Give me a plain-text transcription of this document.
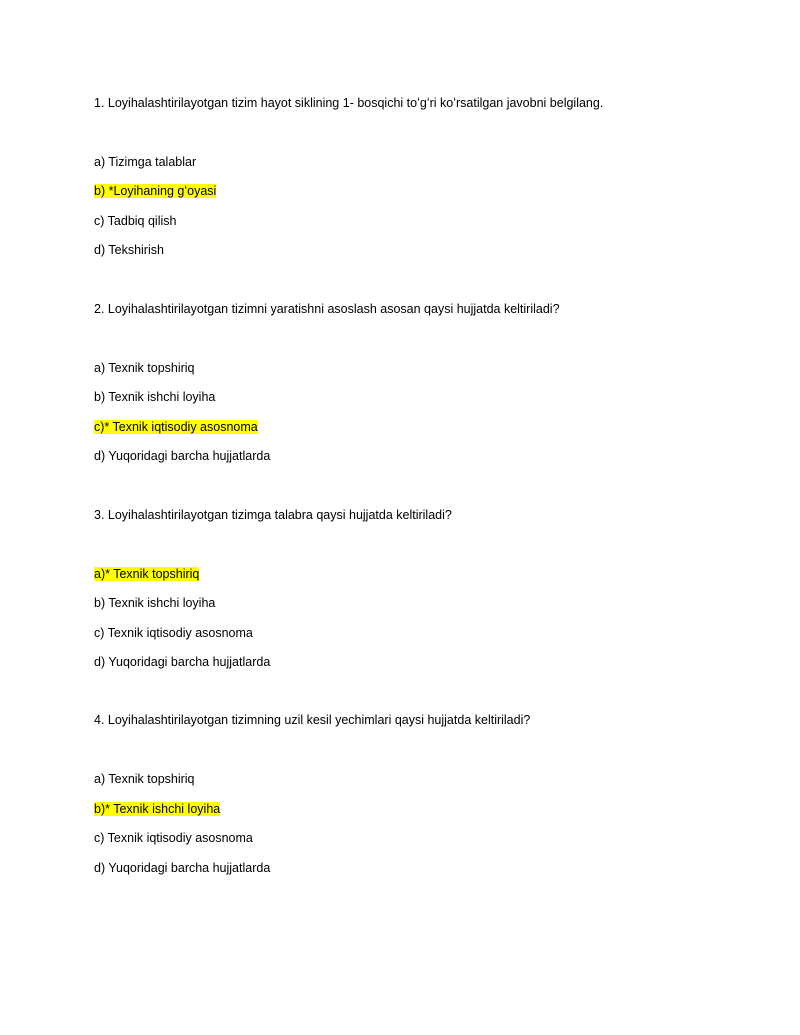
1. Loyihalashtirilayotgan tizim hayot siklining 1- bosqichi toʻgʻri koʻrsatilgan javobni belgilang.
a) Tizimga talablar
b) *Loyihaning gʻoyasi
c) Tadbiq qilish
d) Tekshirish
2. Loyihalashtirilayotgan tizimni yaratishni asoslash asosan qaysi hujjatda keltiriladi?
a) Texnik topshiriq
b) Texnik ishchi loyiha
c)* Texnik iqtisodiy asosnoma
d) Yuqoridagi barcha hujjatlarda
3. Loyihalashtirilayotgan tizimga talabra qaysi hujjatda keltiriladi?
a)* Texnik topshiriq
b) Texnik ishchi loyiha
c) Texnik iqtisodiy asosnoma
d) Yuqoridagi barcha hujjatlarda
4. Loyihalashtirilayotgan tizimning uzil kesil yechimlari qaysi hujjatda keltiriladi?
a) Texnik topshiriq
b)* Texnik ishchi loyiha
c) Texnik iqtisodiy asosnoma
d) Yuqoridagi barcha hujjatlarda
